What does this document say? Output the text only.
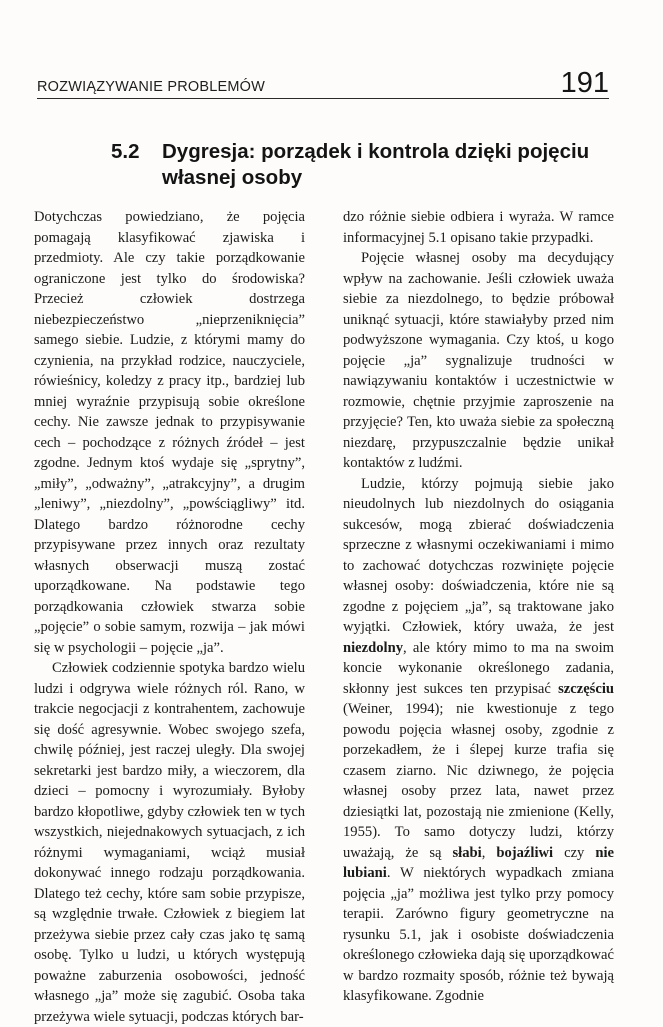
ROZWIĄZYWANIE PROBLEMÓW	191
5.2 Dygresja: porządek i kontrola dzięki pojęciu
własnej osoby

Dotychczas powiedziano, że pojęcia pomagają klasyfikować zjawiska i przedmioty. Ale czy takie porządkowanie ograniczone jest tylko do środowiska? Przecież człowiek dostrzega niebezpieczeństwo „nieprzeniknięcia” samego siebie. Ludzie, z którymi mamy do czynienia, na przykład rodzice, nauczyciele, rówieśnicy, koledzy z pracy itp., bardziej lub mniej wyraźnie przypisują sobie określone cechy. Nie zawsze jednak to przypisywanie cech – pochodzące z różnych źródeł – jest zgodne. Jednym ktoś wydaje się „sprytny”, „miły”, „odważny”, „atrakcyjny”, a drugim „leniwy”, „niezdolny”, „powściągliwy” itd. Dlatego bardzo różnorodne cechy przypisywane przez innych oraz rezultaty własnych obserwacji muszą zostać uporządkowane. Na podstawie tego porządkowania człowiek stwarza sobie „pojęcie” o sobie samym, rozwija – jak mówi się w psychologii – pojęcie „ja”.

Człowiek codziennie spotyka bardzo wielu ludzi i odgrywa wiele różnych ról. Rano, w trakcie negocjacji z kontrahentem, zachowuje się dość agresywnie. Wobec swojego szefa, chwilę później, jest raczej uległy. Dla swojej sekretarki jest bardzo miły, a wieczorem, dla dzieci – pomocny i wyrozumiały. Byłoby bardzo kłopotliwe, gdyby człowiek ten w tych wszystkich, niejednakowych sytuacjach, z ich różnymi wymaganiami, wciąż musiał dokonywać innego rodzaju porządkowania. Dlatego też cechy, które sam sobie przypisze, są względnie trwałe. Człowiek z biegiem lat przeżywa siebie przez cały czas jako tę samą osobę. Tylko u ludzi, u których występują poważne zaburzenia osobowości, jedność własnego „ja” może się zagubić. Osoba taka przeżywa wiele sytuacji, podczas których bar-

dzo różnie siebie odbiera i wyraża. W ramce informacyjnej 5.1 opisano takie przypadki.

Pojęcie własnej osoby ma decydujący wpływ na zachowanie. Jeśli człowiek uważa siebie za niezdolnego, to będzie próbował uniknąć sytuacji, które stawiałyby przed nim podwyższone wymagania. Czy ktoś, u kogo pojęcie „ja” sygnalizuje trudności w nawiązywaniu kontaktów i uczestnictwie w rozmowie, chętnie przyjmie zaproszenie na przyjęcie? Ten, kto uważa siebie za społeczną niezdarę, przypuszczalnie będzie unikał kontaktów z ludźmi.

Ludzie, którzy pojmują siebie jako nieudolnych lub niezdolnych do osiągania sukcesów, mogą zbierać doświadczenia sprzeczne z własnymi oczekiwaniami i mimo to zachować dotychczas rozwinięte pojęcie własnej osoby: doświadczenia, które nie są zgodne z pojęciem „ja”, są traktowane jako wyjątki. Człowiek, który uważa, że jest niezdolny, ale który mimo to ma na swoim koncie wykonanie określonego zadania, skłonny jest sukces ten przypisać szczęściu (Weiner, 1994); nie kwestionuje z tego powodu pojęcia własnej osoby, zgodnie z porzekadłem, że i ślepej kurze trafia się czasem ziarno. Nic dziwnego, że pojęcia własnej osoby przez lata, nawet przez dziesiątki lat, pozostają nie zmienione (Kelly, 1955). To samo dotyczy ludzi, którzy uważają, że są słabi, bojaźliwi czy nie lubiani. W niektórych wypadkach zmiana pojęcia „ja” możliwa jest tylko przy pomocy terapii. Zarówno figury geometryczne na rysunku 5.1, jak i osobiste doświadczenia określonego człowieka dają się uporządkować w bardzo rozmaity sposób, różnie też bywają klasyfikowane. Zgodnie
